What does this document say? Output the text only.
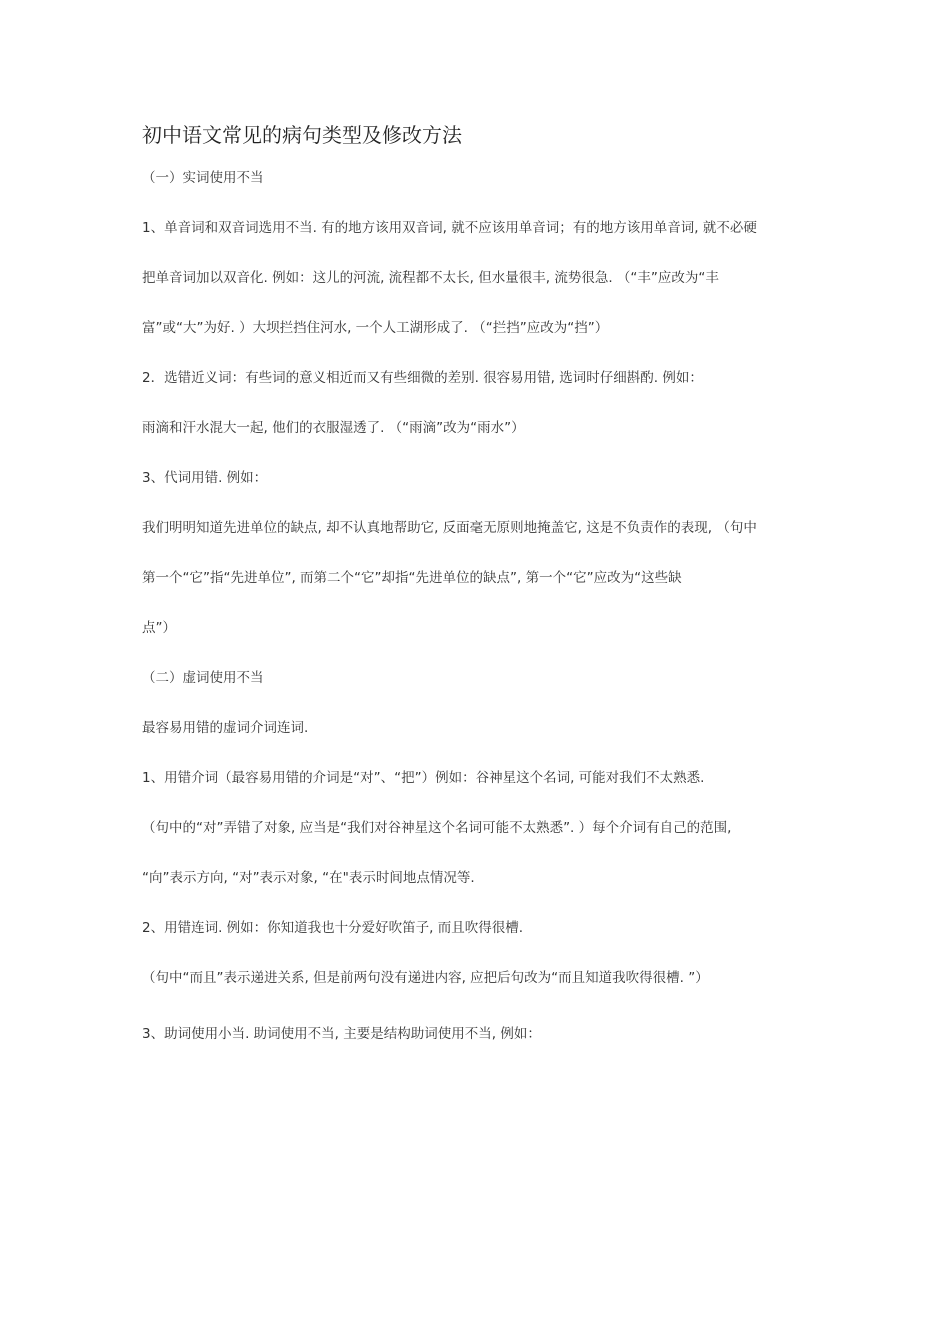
初中语文常见的病句类型及修改方法

（一）实词使用不当

1、单音词和双音词选用不当. 有的地方该用双音词, 就不应该用单音词；有的地方该用单音词, 就不必硬

把单音词加以双音化. 例如：这儿的河流, 流程都不太长, 但水量很丰, 流势很急. （“丰”应改为“丰

富”或“大”为好. ）大坝拦挡住河水, 一个人工湖形成了. （“拦挡”应改为“挡”）

2．选错近义词：有些词的意义相近而又有些细微的差别. 很容易用错, 选词时仔细斟酌. 例如：

雨滴和汗水混大一起, 他们的衣服湿透了. （“雨滴”改为“雨水”）

3、代词用错. 例如：

我们明明知道先进单位的缺点, 却不认真地帮助它, 反面毫无原则地掩盖它, 这是不负责作的表现, （句中

第一个“它”指“先进单位”, 而第二个“它”却指“先进单位的缺点”, 第一个“它”应改为“这些缺

点”）

（二）虚词使用不当

最容易用错的虚词介词连词.

1、用错介词（最容易用错的介词是“对”、“把”）例如：谷神星这个名词, 可能对我们不太熟悉.

（句中的“对”弄错了对象, 应当是“我们对谷神星这个名词可能不太熟悉”. ）每个介词有自己的范围,

“向”表示方向, “对”表示对象, “在"表示时间地点情况等.

2、用错连词. 例如：你知道我也十分爱好吹笛子, 而且吹得很槽.

（句中“而且”表示递进关系, 但是前两句没有递进内容, 应把后句改为“而且知道我吹得很槽. ”）

3、助词使用小当. 助词使用不当, 主要是结构助词使用不当, 例如：
